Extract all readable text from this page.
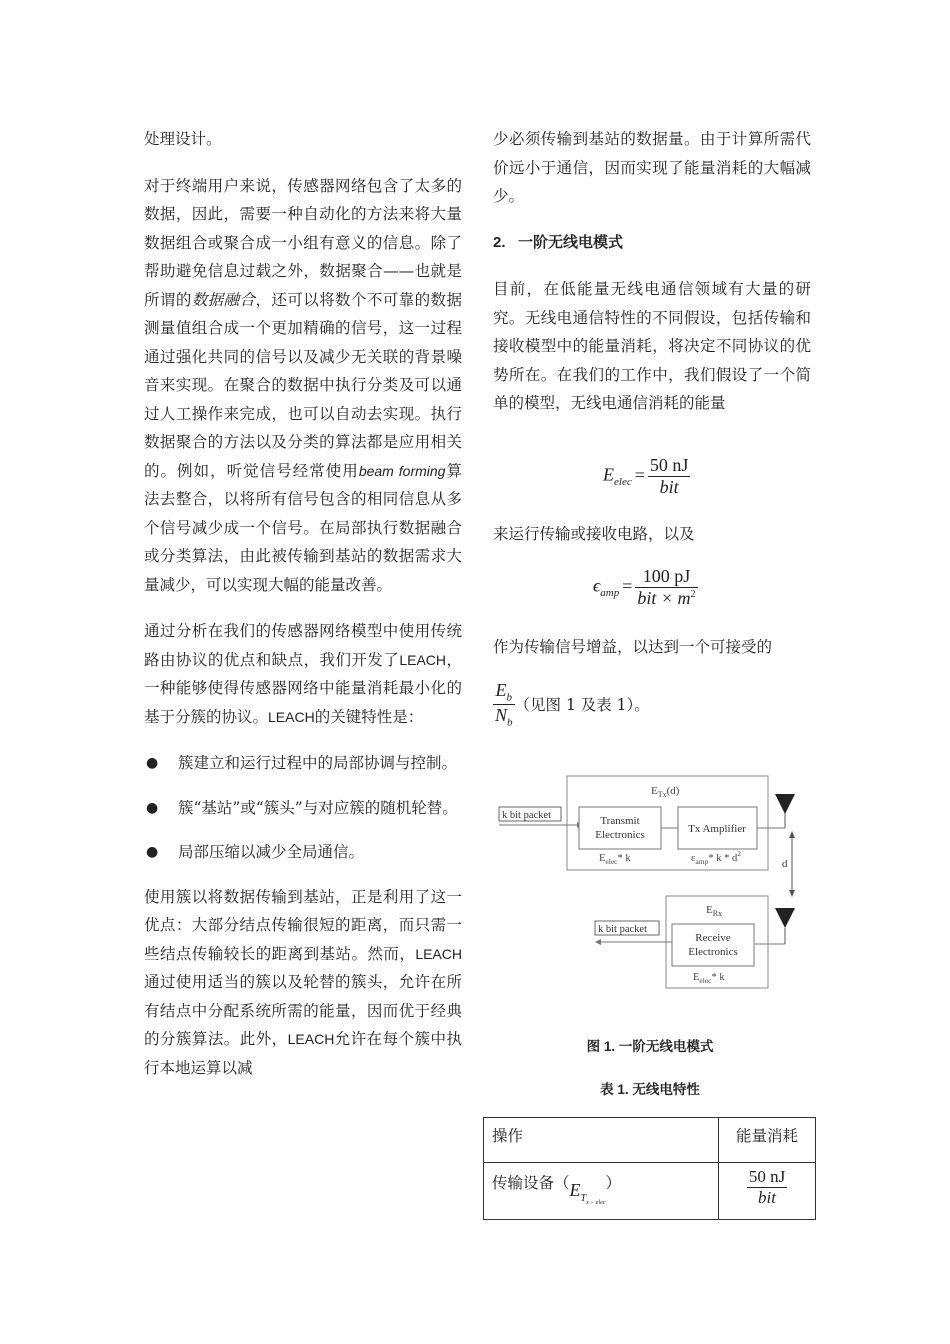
处理设计。

对于终端用户来说，传感器网络包含了太多的数据，因此，需要一种自动化的方法来将大量数据组合或聚合成一小组有意义的信息。除了帮助避免信息过载之外，数据聚合——也就是所谓的数据融合，还可以将数个不可靠的数据测量值组合成一个更加精确的信号，这一过程通过强化共同的信号以及减少无关联的背景噪音来实现。在聚合的数据中执行分类及可以通过人工操作来完成，也可以自动去实现。执行数据聚合的方法以及分类的算法都是应用相关的。例如，听觉信号经常使用beam forming算法去整合，以将所有信号包含的相同信息从多个信号减少成一个信号。在局部执行数据融合或分类算法，由此被传输到基站的数据需求大量减少，可以实现大幅的能量改善。

通过分析在我们的传感器网络模型中使用传统路由协议的优点和缺点，我们开发了LEACH，一种能够使得传感器网络中能量消耗最小化的基于分簇的协议。LEACH的关键特性是：

● 簇建立和运行过程中的局部协调与控制。
● 簇“基站”或“簇头”与对应簇的随机轮替。
● 局部压缩以减少全局通信。

使用簇以将数据传输到基站，正是利用了这一优点：大部分结点传输很短的距离，而只需一些结点传输较长的距离到基站。然而，LEACH通过使用适当的簇以及轮替的簇头，允许在所有结点中分配系统所需的能量，因而优于经典的分簇算法。此外，LEACH允许在每个簇中执行本地运算以减

少必须传输到基站的数据量。由于计算所需代价远小于通信，因而实现了能量消耗的大幅减少。

2.   一阶无线电模式

目前，在低能量无线电通信领域有大量的研究。无线电通信特性的不同假设，包括传输和接收模型中的能量消耗，将决定不同协议的优势所在。在我们的工作中，我们假设了一个简单的模型，无线电通信消耗的能量

$E_{elec} = \frac{50 nJ}{\text{bit}}$

来运行传输或接收电路，以及

$\epsilon_{amp} = \frac{100 pJ}{bit \times m^2}$

作为传输信号增益，以达到一个可接受的

$\frac{E_b}{N_b}$ （见图 1 及表 1）。
$E_{Tx}(d)$
k bit packet	Transmit
Electronics	Tx Amplifier
$E_{elec}*$ k	$\varepsilon_{amp}*$ k * $d^2$
d
$E_{Rx}$
Receive
Electronics
$E_{elec}*$ k
k bit packet
图 1. 一阶无线电模式
表 1. 无线电特性
操作	能量消耗
传输设备$(E_{T_{x - elec}})$	$\frac{50 nJ}{\text{bit}}$
